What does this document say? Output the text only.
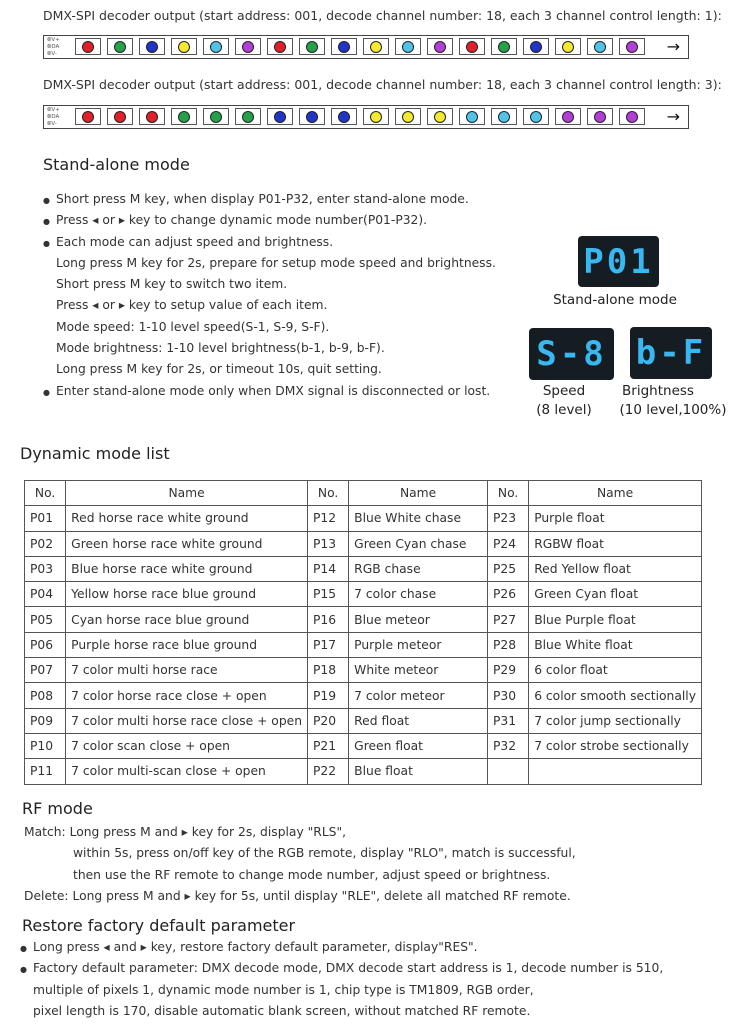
DMX-SPI decoder output (start address: 001, decode channel number: 18, each 3 channel control length: 1):
⦾V+
⦾DA
⦾V-	→
DMX-SPI decoder output (start address: 001, decode channel number: 18, each 3 channel control length: 3):
⦾V+
⦾DA
⦾V-	→
Stand-alone mode
● Short press M key, when display P01-P32, enter stand-alone mode.
● Press ◂ or ▸ key to change dynamic mode number(P01-P32).
● Each mode can adjust speed and brightness.
Long press M key for 2s, prepare for setup mode speed and brightness.
Short press M key to switch two item.
Press ◂ or ▸ key to setup value of each item.
Mode speed: 1-10 level speed(S-1, S-9, S-F).
Mode brightness: 1-10 level brightness(b-1, b-9, b-F).
Long press M key for 2s, or timeout 10s, quit setting.
● Enter stand-alone mode only when DMX signal is disconnected or lost.
P01
Stand-alone mode
S-8 b-F
Speed
(8 level)
Brightness
(10 level,100%)
Dynamic mode list
No.	Name	No.	Name	No.	Name
P01	Red horse race white ground	P12	Blue White chase	P23	Purple float
P02	Green horse race white ground	P13	Green Cyan chase	P24	RGBW float
P03	Blue horse race white ground	P14	RGB chase	P25	Red Yellow float
P04	Yellow horse race blue ground	P15	7 color chase	P26	Green Cyan float
P05	Cyan horse race blue ground	P16	Blue meteor	P27	Blue Purple float
P06	Purple horse race blue ground	P17	Purple meteor	P28	Blue White float
P07	7 color multi horse race	P18	White meteor	P29	6 color float
P08	7 color horse race close + open	P19	7 color meteor	P30	6 color smooth sectionally
P09	7 color multi horse race close + open	P20	Red float	P31	7 color jump sectionally
P10	7 color scan close + open	P21	Green float	P32	7 color strobe sectionally
P11	7 color multi-scan close + open	P22	Blue float		
RF mode
Match: Long press M and ▸ key for 2s, display "RLS",
within 5s, press on/off key of the RGB remote, display "RLO", match is successful,
then use the RF remote to change mode number, adjust speed or brightness.
Delete: Long press M and ▸ key for 5s, until display "RLE", delete all matched RF remote.
Restore factory default parameter
● Long press ◂ and ▸ key, restore factory default parameter, display"RES".
● Factory default parameter: DMX decode mode, DMX decode start address is 1, decode number is 510,
multiple of pixels 1, dynamic mode number is 1, chip type is TM1809, RGB order,
pixel length is 170, disable automatic blank screen, without matched RF remote.
